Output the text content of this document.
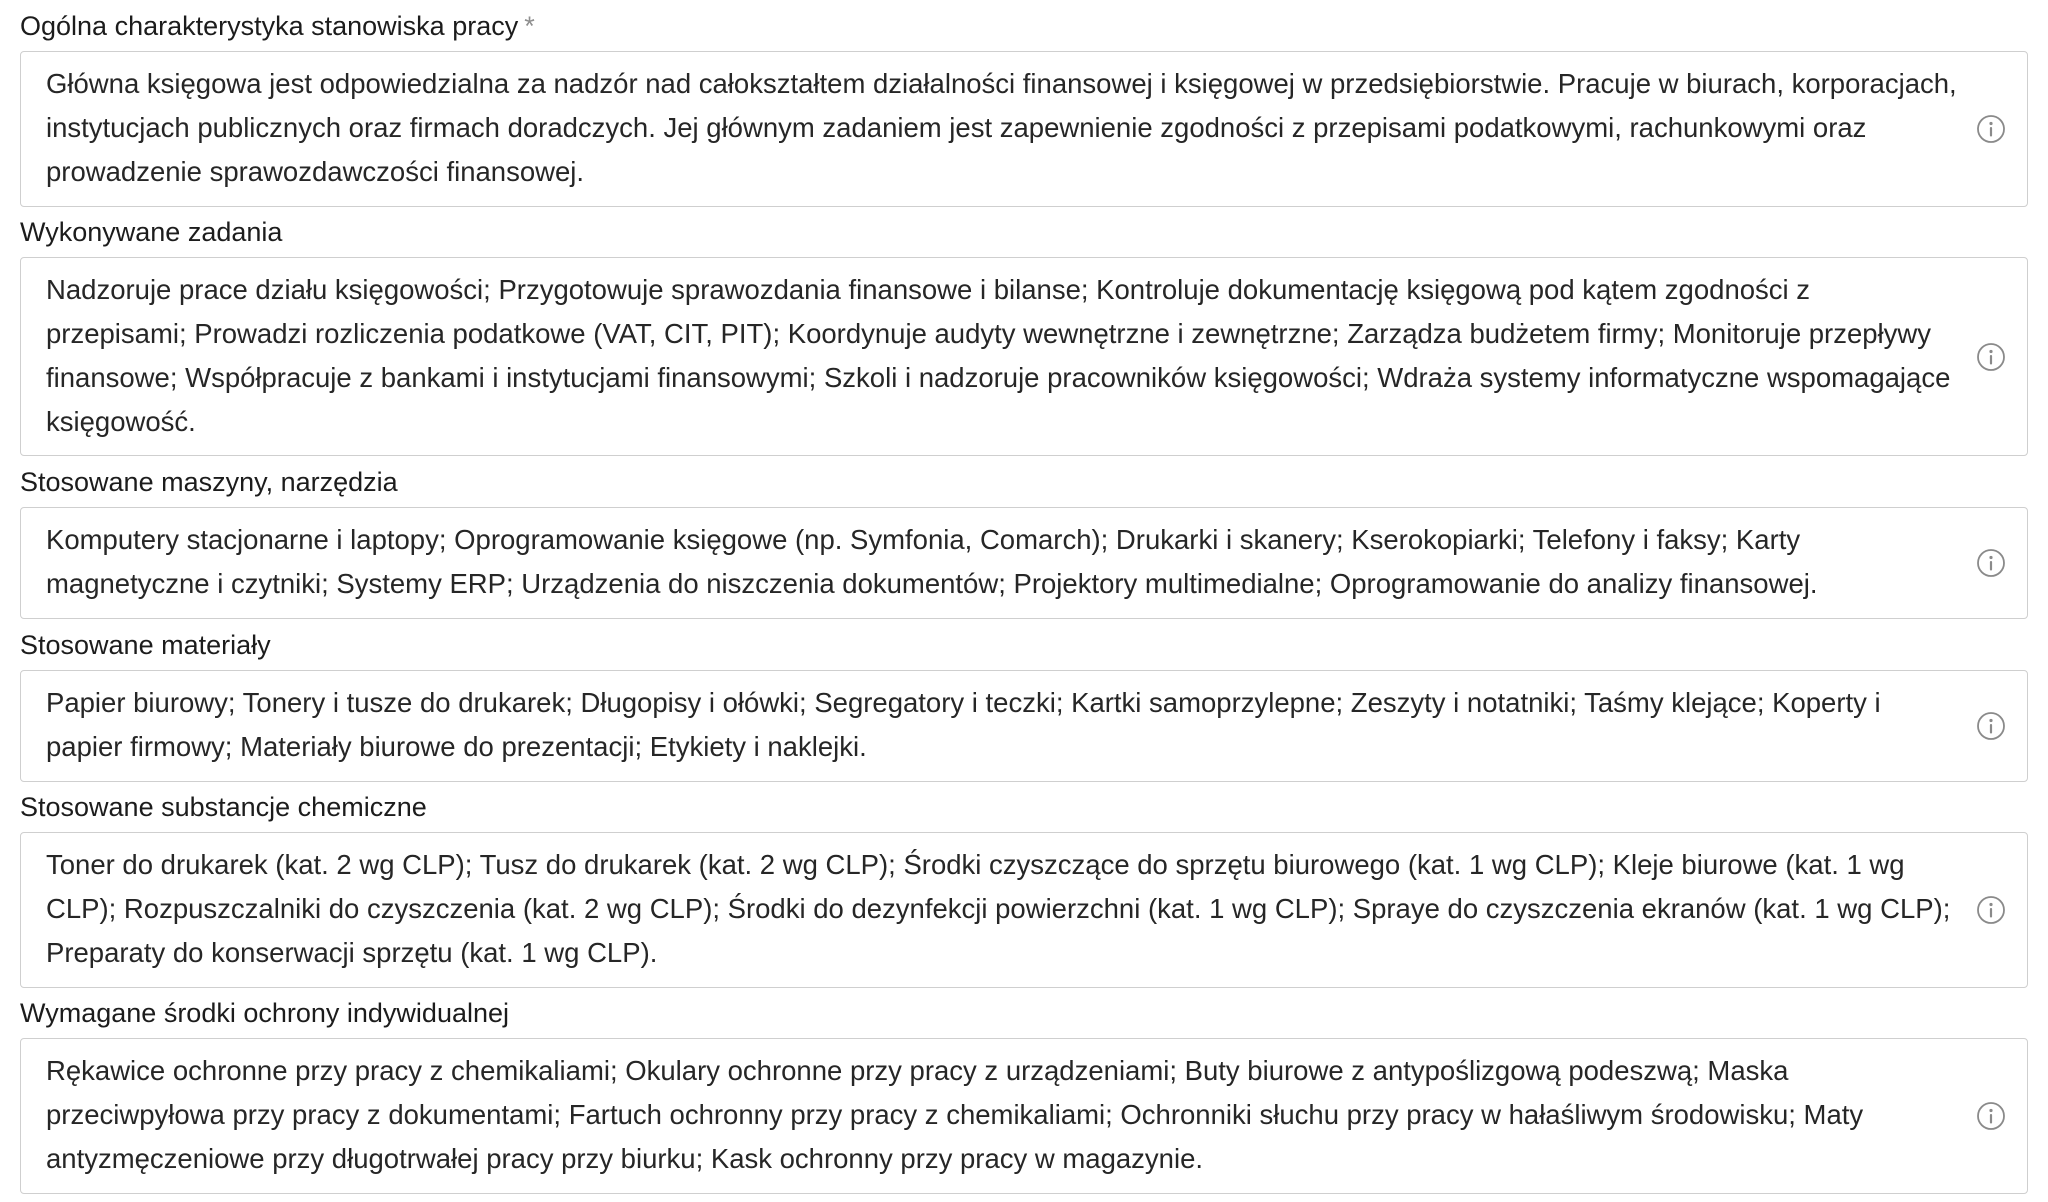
Ogólna charakterystyka stanowiska pracy *
Główna księgowa jest odpowiedzialna za nadzór nad całokształtem działalności finansowej i księgowej w przedsiębiorstwie. Pracuje w biurach, korporacjach, instytucjach publicznych oraz firmach doradczych. Jej głównym zadaniem jest zapewnienie zgodności z przepisami podatkowymi, rachunkowymi oraz prowadzenie sprawozdawczości finansowej.
Wykonywane zadania
Nadzoruje prace działu księgowości; Przygotowuje sprawozdania finansowe i bilanse; Kontroluje dokumentację księgową pod kątem zgodności z przepisami; Prowadzi rozliczenia podatkowe (VAT, CIT, PIT); Koordynuje audyty wewnętrzne i zewnętrzne; Zarządza budżetem firmy; Monitoruje przepływy finansowe; Współpracuje z bankami i instytucjami finansowymi; Szkoli i nadzoruje pracowników księgowości; Wdraża systemy informatyczne wspomagające księgowość.
Stosowane maszyny, narzędzia
Komputery stacjonarne i laptopy; Oprogramowanie księgowe (np. Symfonia, Comarch); Drukarki i skanery; Kserokopiarki; Telefony i faksy; Karty magnetyczne i czytniki; Systemy ERP; Urządzenia do niszczenia dokumentów; Projektory multimedialne; Oprogramowanie do analizy finansowej.
Stosowane materiały
Papier biurowy; Tonery i tusze do drukarek; Długopisy i ołówki; Segregatory i teczki; Kartki samoprzylepne; Zeszyty i notatniki; Taśmy klejące; Koperty i papier firmowy; Materiały biurowe do prezentacji; Etykiety i naklejki.
Stosowane substancje chemiczne
Toner do drukarek (kat. 2 wg CLP); Tusz do drukarek (kat. 2 wg CLP); Środki czyszczące do sprzętu biurowego (kat. 1 wg CLP); Kleje biurowe (kat. 1 wg CLP); Rozpuszczalniki do czyszczenia (kat. 2 wg CLP); Środki do dezynfekcji powierzchni (kat. 1 wg CLP); Spraye do czyszczenia ekranów (kat. 1 wg CLP); Preparaty do konserwacji sprzętu (kat. 1 wg CLP).
Wymagane środki ochrony indywidualnej
Rękawice ochronne przy pracy z chemikaliami; Okulary ochronne przy pracy z urządzeniami; Buty biurowe z antypoślizgową podeszwą; Maska przeciwpyłowa przy pracy z dokumentami; Fartuch ochronny przy pracy z chemikaliami; Ochronniki słuchu przy pracy w hałaśliwym środowisku; Maty antyzmęczeniowe przy długotrwałej pracy przy biurku; Kask ochronny przy pracy w magazynie.
